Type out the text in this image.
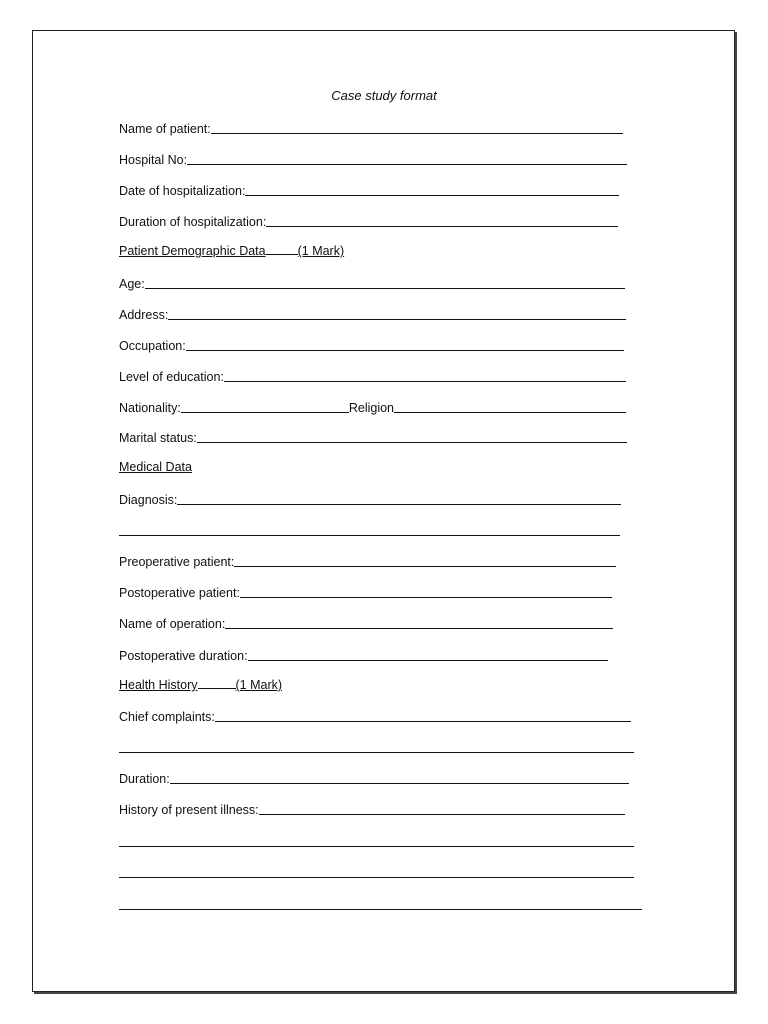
Case study format
Name of patient:
Hospital No:
Date of hospitalization:
Duration of hospitalization:
Patient Demographic Data	(1 Mark)
Age:
Address:
Occupation:
Level of education:
Nationality:	Religion
Marital status:
Medical Data
Diagnosis:
Preoperative patient:
Postoperative patient:
Name of operation:
Postoperative duration:
Health History	(1 Mark)
Chief complaints:
Duration:
History of present illness:
